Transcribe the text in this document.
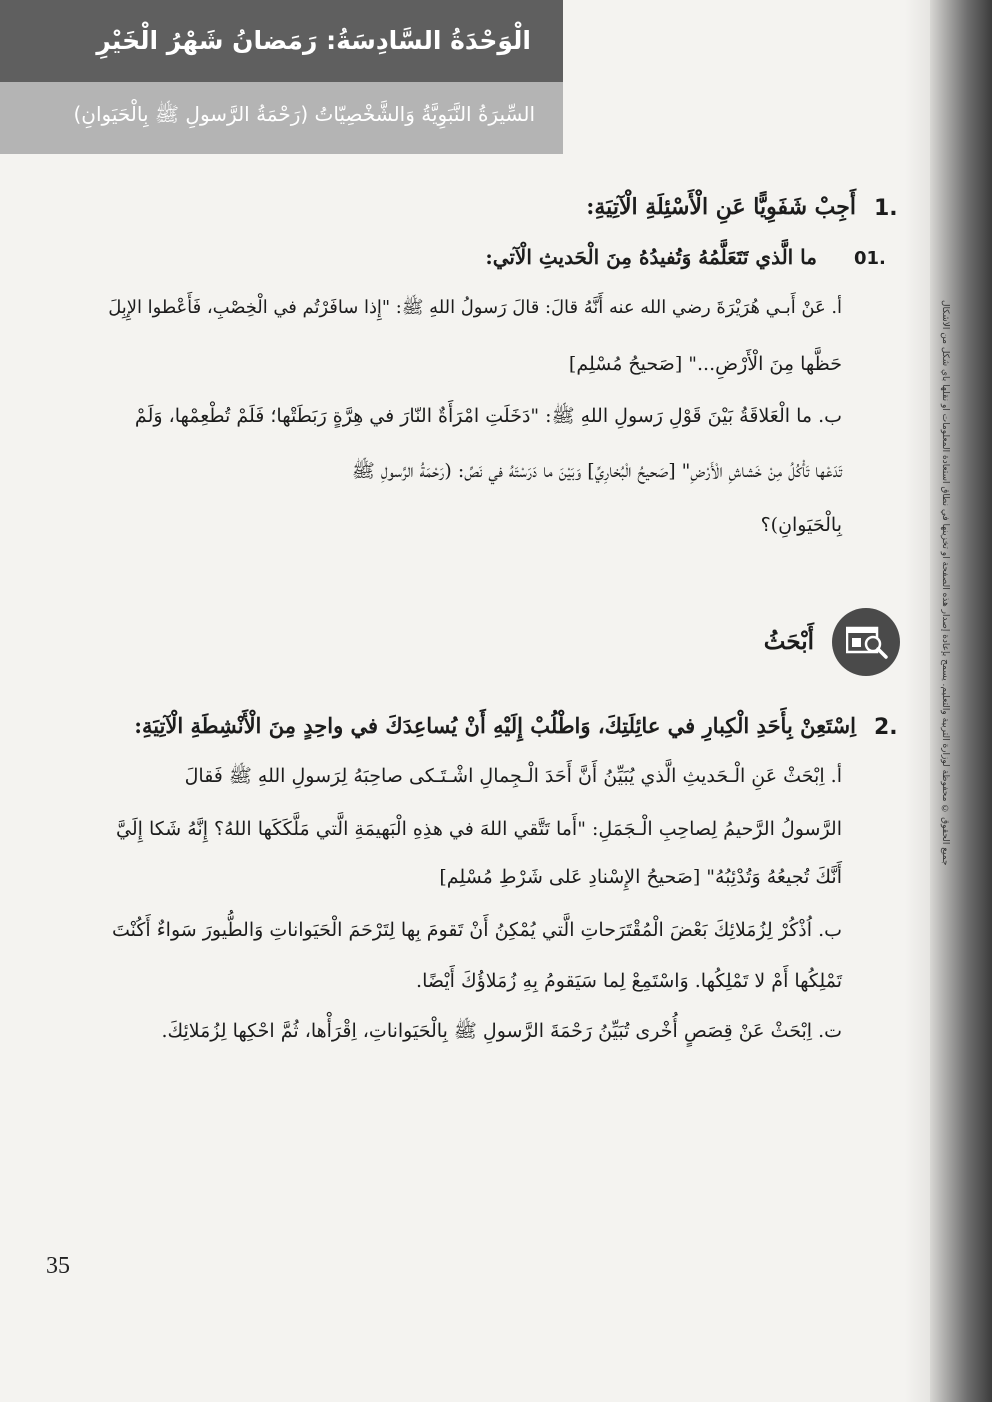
الْوَحْدَةُ السَّادِسَةُ: رَمَضانُ شَهْرُ الْخَيْرِ
السِّيرَةُ النَّبَوِيَّةُ وَالشَّخْصِيّاتُ (رَحْمَةُ الرَّسولِ ﷺ بِالْحَيَوانِ)
جميع الحقوق © محفوظة لوزارة التربية والتعليم. يسمح بإعادة إصدار هذه الصفحة أو تخزينها في نطاق استعادة المعلومات أو نقلها بأي شكل من الأشكال
1.
أَجِبْ شَفَوِيًّا عَنِ الْأَسْئِلَةِ الْآتِيَةِ:
01.
ما الَّذي تَتَعَلَّمُهُ وَتُفيدُهُ مِنَ الْحَديثِ الْآتي:
أ. عَنْ أَبـي هُرَيْرَةَ رضي الله عنه أَنَّهُ قالَ: قالَ رَسولُ اللهِ ﷺ: "إِذا سافَرْتُم في الْخِصْبِ، فَأَعْطوا الإِبِلَ
حَظَّها مِنَ الْأَرْضِ..." [صَحيحُ مُسْلِم]
ب. ما الْعَلاقَةُ بَيْنَ قَوْلِ رَسولِ اللهِ ﷺ: "دَخَلَتِ امْرَأَةٌ النّارَ في هِرَّةٍ رَبَطَتْها؛ فَلَمْ تُطْعِمْها، وَلَمْ
تَدَعْها تَأْكُلُ مِنْ خَشاشِ الْأَرْضِ" [صَحيحُ الْبُخارِيِّ] وَبَيْنَ ما دَرَسْتَهُ في نَصِّ: (رَحْمَةُ الرَّسولِ ﷺ
بِالْحَيَوانِ)؟
أَبْحَثُ
2.
اِسْتَعِنْ بِأَحَدِ الْكِبارِ في عائِلَتِكَ، وَاطْلُبْ إِلَيْهِ أَنْ يُساعِدَكَ في واحِدٍ مِنَ الْأَنْشِطَةِ الْآتِيَةِ:
أ. اِبْحَثْ عَنِ الْـحَديثِ الَّذي يُبَيِّنُ أَنَّ أَحَدَ الْـجِمالِ اشْـتَـكى صاحِبَهُ لِرَسولِ اللهِ ﷺ فَقالَ
الرَّسولُ الرَّحيمُ لِصاحِبِ الْـجَمَلِ: "أَما تَتَّقي اللهَ في هذِهِ الْبَهيمَةِ الَّتي مَلَّكَكَها اللهُ؟ إِنَّهُ شَكا إِلَيَّ
أَنَّكَ تُجيعُهُ وَتُدْئِبُهُ" [صَحيحُ الإِسْنادِ عَلى شَرْطِ مُسْلِم]
ب. اُذْكُرْ لِزُمَلائِكَ بَعْضَ الْمُقْتَرَحاتِ الَّتي يُمْكِنُ أَنْ تَقومَ بِها لِتَرْحَمَ الْحَيَواناتِ وَالطُّيورَ سَواءٌ أَكُنْتَ
تَمْلِكُها أَمْ لا تَمْلِكُها. وَاسْتَمِعْ لِما سَيَقومُ بِهِ زُمَلاؤُكَ أَيْضًا.
ت. اِبْحَثْ عَنْ قِصَصٍ أُخْرى تُبَيِّنُ رَحْمَةَ الرَّسولِ ﷺ بِالْحَيَواناتِ، اِقْرَأْها، ثُمَّ احْكِها لِزُمَلائِكَ.
35
